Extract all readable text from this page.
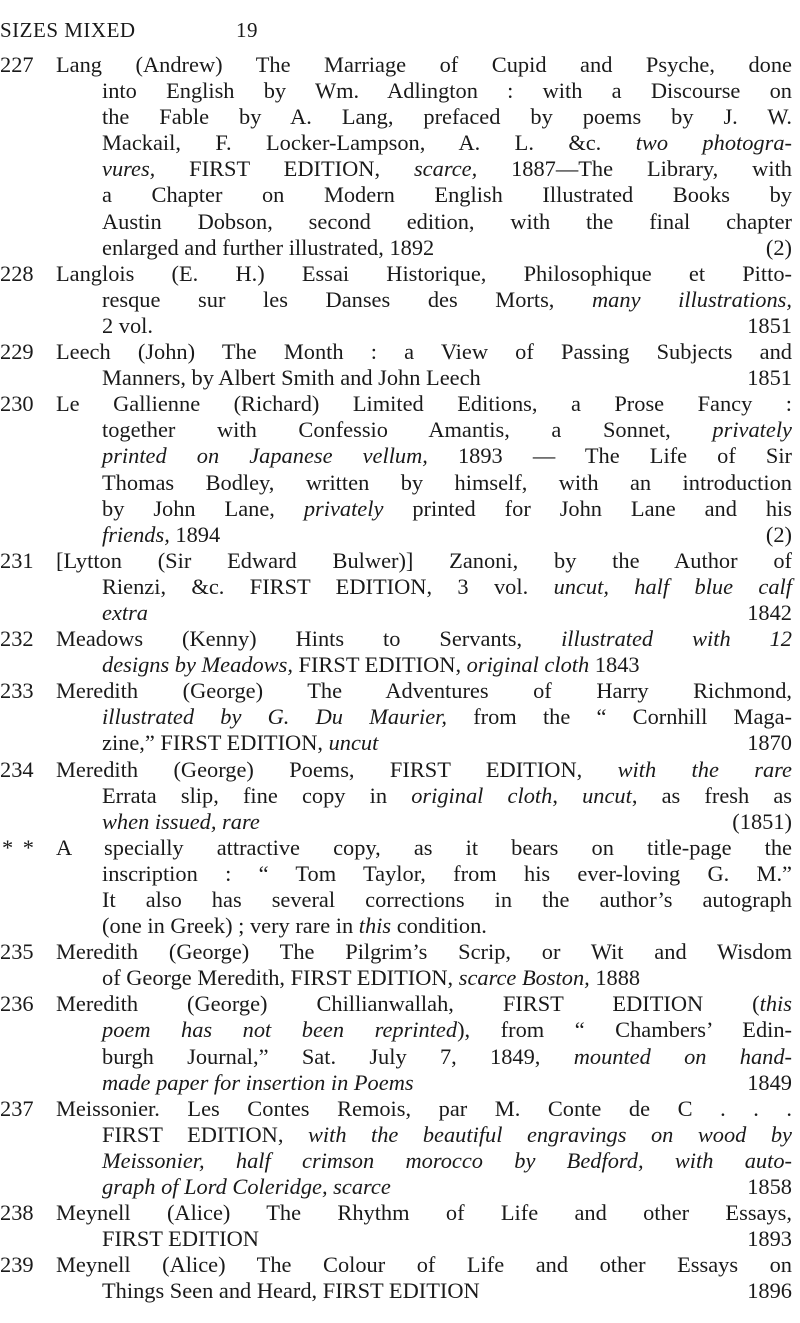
SIZES MIXED	19
227 Lang (Andrew) The Marriage of Cupid and Psyche, done
into English by Wm. Adlington : with a Discourse on
the Fable by A. Lang, prefaced by poems by J. W.
Mackail, F. Locker-Lampson, A. L. &c. two photogra-
vures, FIRST EDITION, scarce, 1887—The Library, with
a Chapter on Modern English Illustrated Books by
Austin Dobson, second edition, with the final chapter
enlarged and further illustrated, 1892	(2)
228 Langlois (E. H.) Essai Historique, Philosophique et Pitto-
resque sur les Danses des Morts, many illustrations,
2 vol.	1851
229 Leech (John) The Month : a View of Passing Subjects and
Manners, by Albert Smith and John Leech	1851
230 Le Gallienne (Richard) Limited Editions, a Prose Fancy :
together with Confessio Amantis, a Sonnet, privately
printed on Japanese vellum, 1893 — The Life of Sir
Thomas Bodley, written by himself, with an introduction
by John Lane, privately printed for John Lane and his
friends, 1894	(2)
231 [Lytton (Sir Edward Bulwer)] Zanoni, by the Author of
Rienzi, &c. FIRST EDITION, 3 vol. uncut, half blue calf
extra	1842
232 Meadows (Kenny) Hints to Servants, illustrated with 12
designs by Meadows, FIRST EDITION, original cloth 1843
233 Meredith (George) The Adventures of Harry Richmond,
illustrated by G. Du Maurier, from the “ Cornhill Maga-
zine,” FIRST EDITION, uncut	1870
234 Meredith (George) Poems, FIRST EDITION, with the rare
Errata slip, fine copy in original cloth, uncut, as fresh as
when issued, rare	(1851)
* * A specially attractive copy, as it bears on title-page the
inscription : “ Tom Taylor, from his ever-loving G. M.”
It also has several corrections in the author’s autograph
(one in Greek) ; very rare in this condition.
235 Meredith (George) The Pilgrim’s Scrip, or Wit and Wisdom
of George Meredith, FIRST EDITION, scarce Boston, 1888
236 Meredith (George) Chillianwallah, FIRST EDITION (this
poem has not been reprinted), from “ Chambers’ Edin-
burgh Journal,” Sat. July 7, 1849, mounted on hand-
made paper for insertion in Poems	1849
237 Meissonier. Les Contes Remois, par M. Conte de C . . .
FIRST EDITION, with the beautiful engravings on wood by
Meissonier, half crimson morocco by Bedford, with auto-
graph of Lord Coleridge, scarce	1858
238 Meynell (Alice) The Rhythm of Life and other Essays,
FIRST EDITION	1893
239 Meynell (Alice) The Colour of Life and other Essays on
Things Seen and Heard, FIRST EDITION	1896
